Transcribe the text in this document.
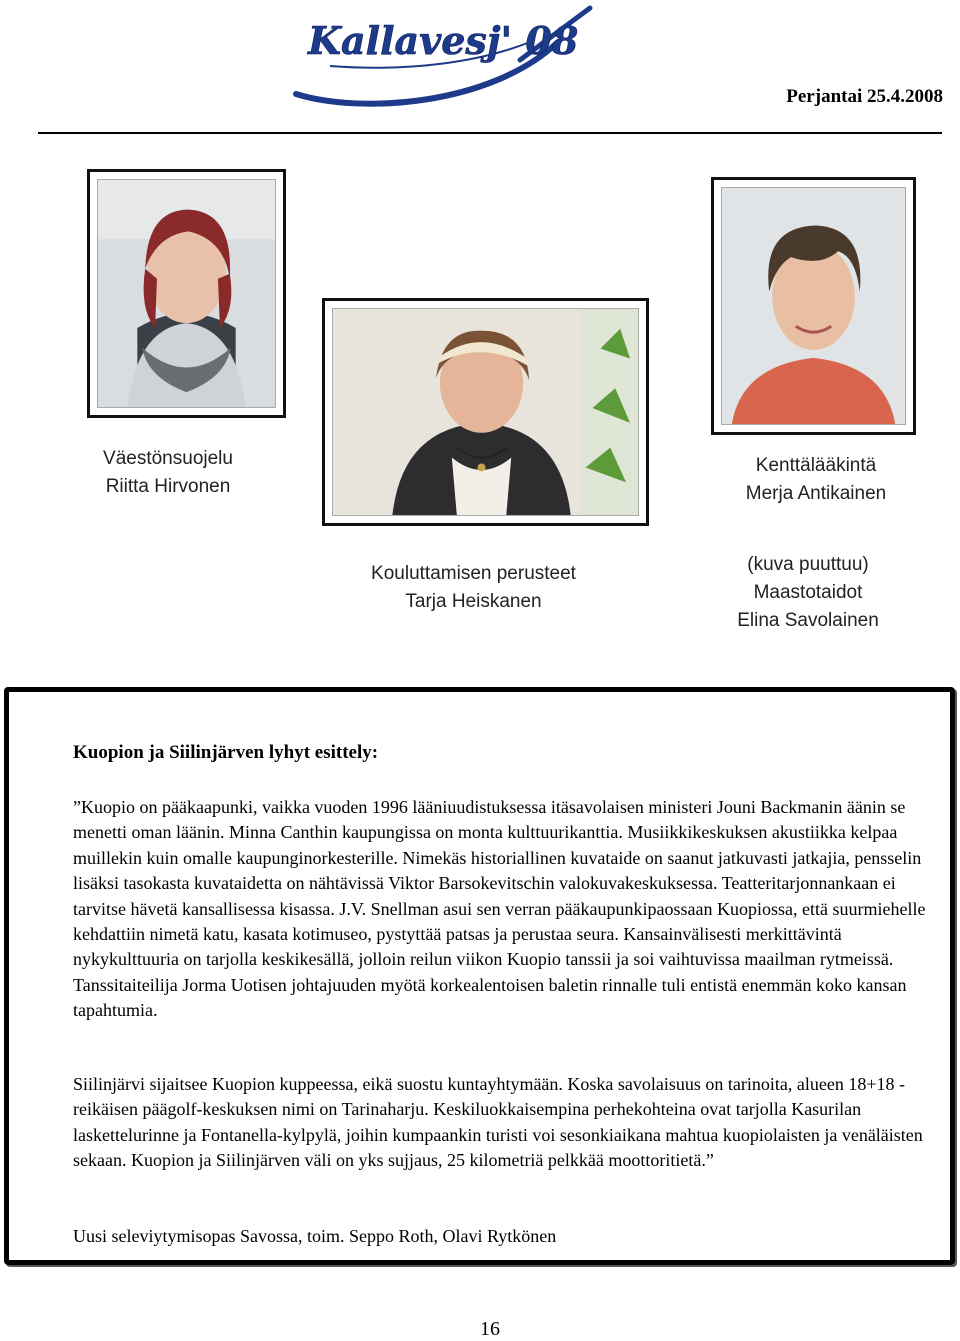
Kallavesj' 08
Perjantai 25.4.2008
Väestönsuojelu
Riitta Hirvonen
Kouluttamisen perusteet
Tarja Heiskanen
Kenttälääkintä
Merja Antikainen
(kuva puuttuu)
Maastotaidot
Elina Savolainen
Kuopion ja Siilinjärven lyhyt esittely:
”Kuopio on pääkaapunki, vaikka vuoden 1996 lääniuudistuksessa itäsavolaisen ministeri Jouni Backmanin äänin se menetti oman läänin. Minna Canthin kaupungissa on monta kulttuurikanttia. Musiikkikeskuksen akustiikka kelpaa muillekin kuin omalle kaupunginorkesterille. Nimekäs historiallinen kuvataide on saanut jatkuvasti jatkajia, pensselin lisäksi tasokasta kuvataidetta on nähtävissä Viktor Barsokevitschin valokuvakeskuksessa. Teatteritarjonnankaan ei tarvitse hävetä kansallisessa kisassa. J.V. Snellman asui sen verran pääkaupunkipaossaan Kuopiossa, että suurmiehelle kehdattiin nimetä katu, kasata kotimuseo, pystyttää patsas ja perustaa seura. Kansainvälisesti merkittävintä nykykulttuuria on tarjolla keskikesällä, jolloin reilun viikon Kuopio tanssii ja soi vaihtuvissa maailman rytmeissä. Tanssitaiteilija Jorma Uotisen johtajuuden myötä korkealentoisen baletin rinnalle tuli entistä enemmän koko kansan tapahtumia.
Siilinjärvi sijaitsee Kuopion kuppeessa, eikä suostu kuntayhtymään. Koska savolaisuus on tarinoita, alueen 18+18 -reikäisen päägolf-keskuksen nimi on Tarinaharju. Keskiluokkaisempina perhekohteina ovat tarjolla Kasurilan laskettelurinne ja Fontanella-kylpylä, joihin kumpaankin turisti voi sesonkiaikana mahtua kuopiolaisten ja venäläisten sekaan. Kuopion ja Siilinjärven väli on yks sujjaus, 25 kilometriä pelkkää moottoritietä.”
Uusi seleviytymisopas Savossa, toim. Seppo Roth, Olavi Rytkönen
16
